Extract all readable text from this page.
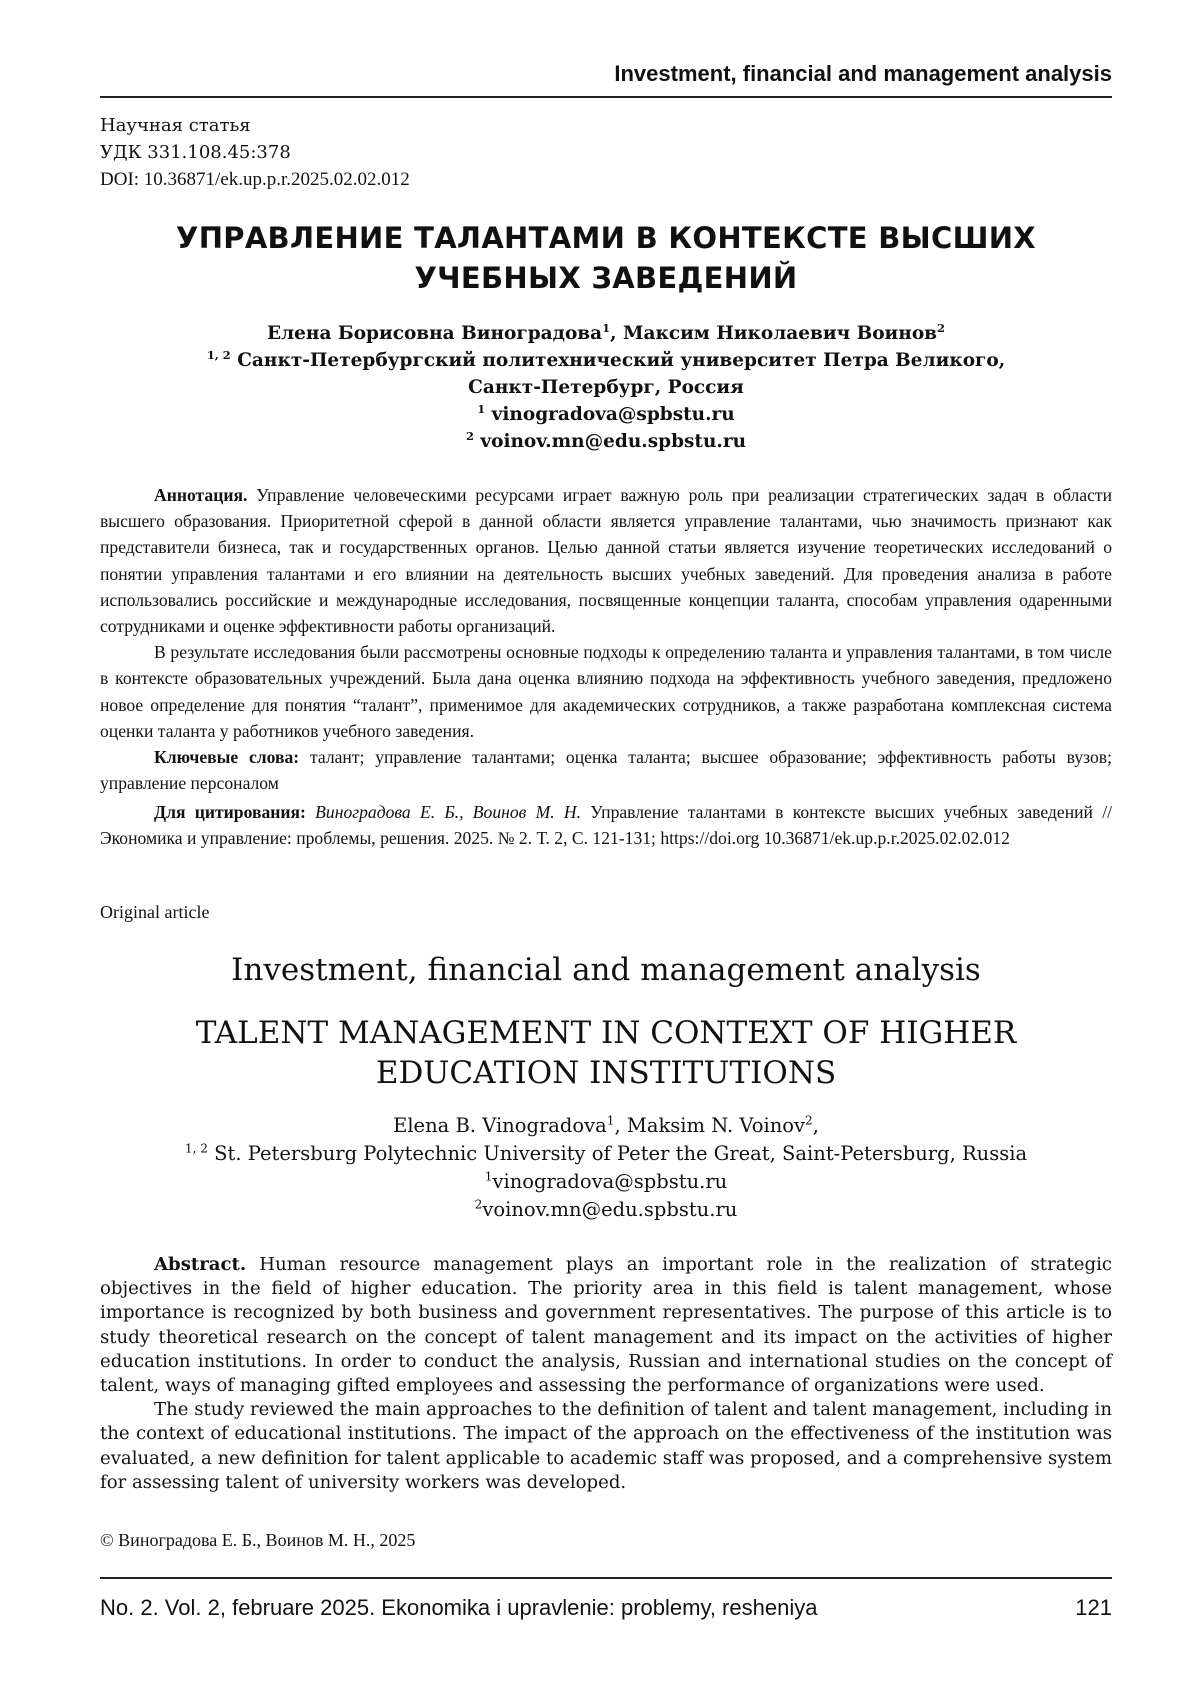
Investment, financial and management analysis
Научная статья
УДК 331.108.45:378
DOI: 10.36871/ek.up.p.r.2025.02.02.012
УПРАВЛЕНИЕ ТАЛАНТАМИ В КОНТЕКСТЕ ВЫСШИХ
УЧЕБНЫХ ЗАВЕДЕНИЙ
Елена Борисовна Виноградова$^1$, Максим Николаевич Воинов$^2$
$^{1, 2}$ Санкт-Петербургский политехнический университет Петра Великого,
Санкт-Петербург, Россия
$^1$ vinogradova@spbstu.ru
$^2$ voinov.mn@edu.spbstu.ru

Аннотация. Управление человеческими ресурсами играет важную роль при реализации стратегических задач в области высшего образования. Приоритетной сферой в данной области является управление талантами, чью значимость признают как представители бизнеса, так и государственных органов. Целью данной статьи является изучение теоретических исследований о понятии управления талантами и его влиянии на деятельность высших учебных заведений. Для проведения анализа в работе использовались российские и международные исследования, посвященные концепции таланта, способам управления одаренными сотрудниками и оценке эффективности работы организаций.

В результате исследования были рассмотрены основные подходы к определению таланта и управления талантами, в том числе в контексте образовательных учреждений. Была дана оценка влиянию подхода на эффективность учебного заведения, предложено новое определение для понятия “талант”, применимое для академических сотрудников, а также разработана комплексная система оценки таланта у работников учебного заведения.

Ключевые слова: талант; управление талантами; оценка таланта; высшее образование; эффективность работы вузов; управление персоналом

Для цитирования: Виноградова Е. Б., Воинов М. Н. Управление талантами в контексте высших учебных заведений // Экономика и управление: проблемы, решения. 2025. № 2. Т. 2, С. 121-131; https://doi.org 10.36871/ek.up.p.r.2025.02.02.012

Original article
Investment, financial and management analysis
TALENT MANAGEMENT IN CONTEXT OF HIGHER
EDUCATION INSTITUTIONS
Elena B. Vinogradova$^1$, Maksim N. Voinov$^2$,
$^{1, 2}$ St. Petersburg Polytechnic University of Peter the Great, Saint-Petersburg, Russia
$^1$vinogradova@spbstu.ru
$^2$voinov.mn@edu.spbstu.ru

Abstract. Human resource management plays an important role in the realization of strategic objectives in the field of higher education. The priority area in this field is talent management, whose importance is recognized by both business and government representatives. The purpose of this article is to study theoretical research on the concept of talent management and its impact on the activities of higher education institutions. In order to conduct the analysis, Russian and international studies on the concept of talent, ways of managing gifted employees and assessing the performance of organizations were used.

The study reviewed the main approaches to the definition of talent and talent management, including in the context of educational institutions. The impact of the approach on the effectiveness of the institution was evaluated, a new definition for talent applicable to academic staff was proposed, and a comprehensive system for assessing talent of university workers was developed.

© Виноградова Е. Б., Воинов М. Н., 2025
No. 2. Vol. 2, februare 2025. Ekonomika i upravlenie: problemy, resheniya	121
